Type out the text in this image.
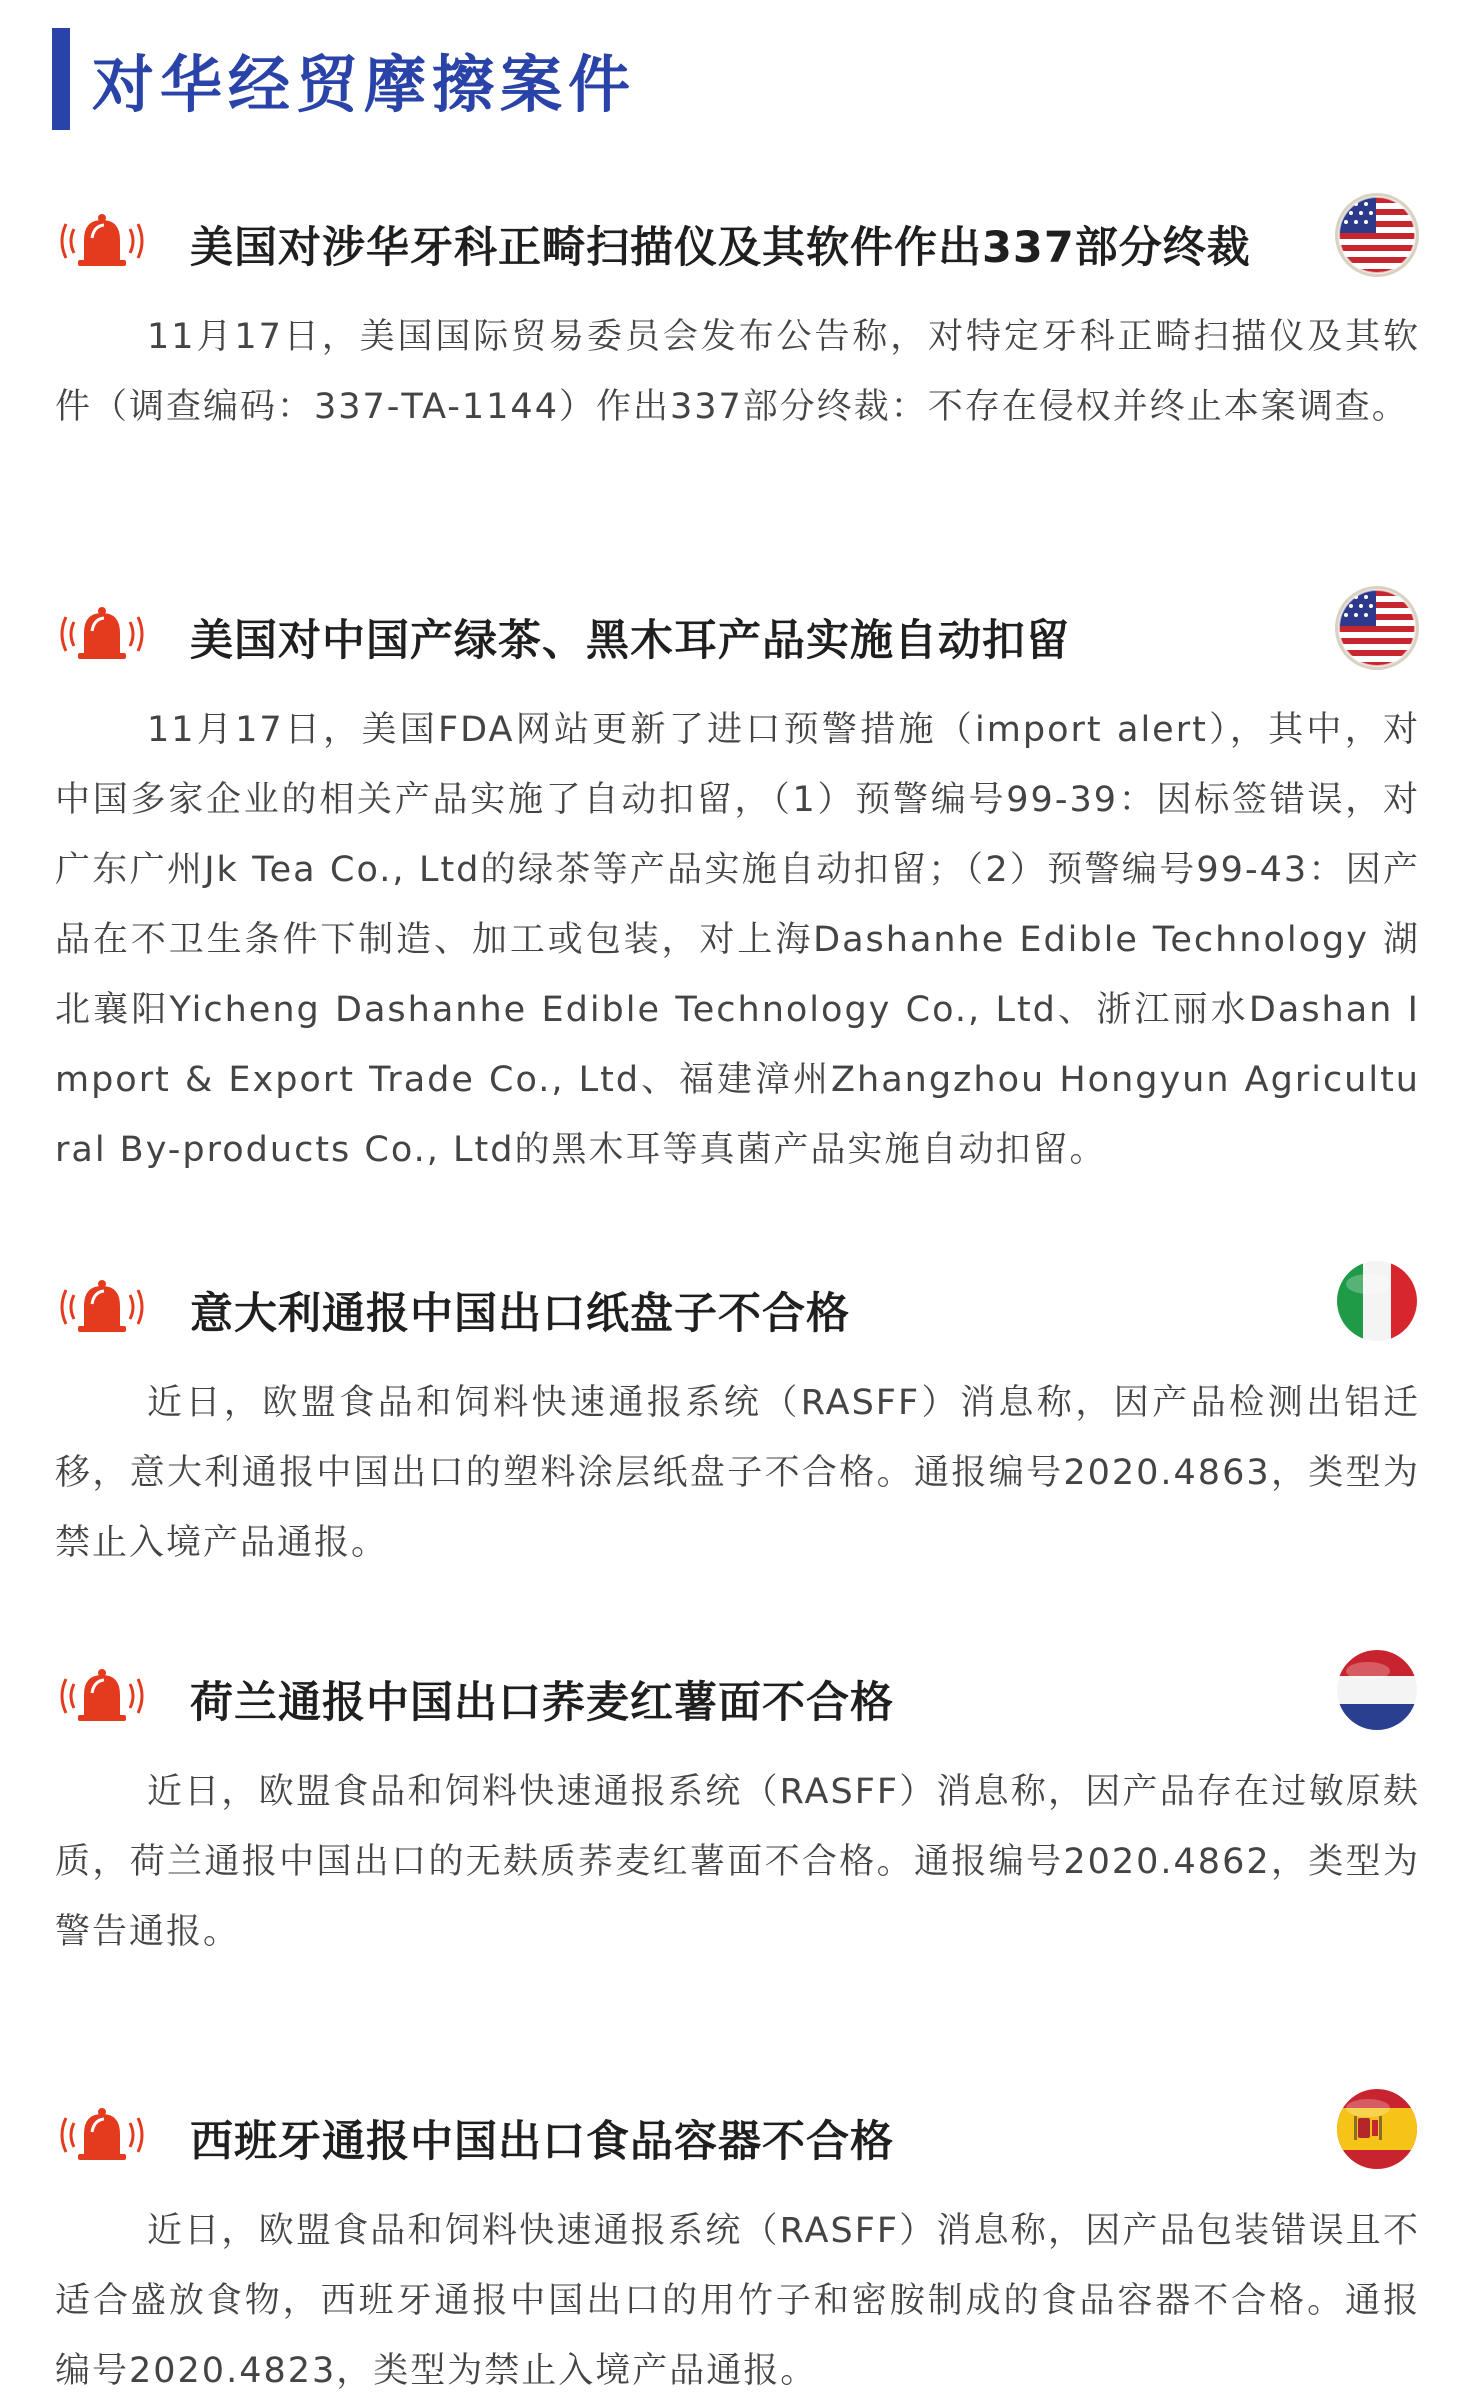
对华经贸摩擦案件
美国对涉华牙科正畸扫描仪及其软件作出337部分终裁
11月17日，美国国际贸易委员会发布公告称，对特定牙科正畸扫描仪及其软件（调查编码：337-TA-1144）作出337部分终裁：不存在侵权并终止本案调查。
美国对中国产绿茶、黑木耳产品实施自动扣留
11月17日，美国FDA网站更新了进口预警措施（import alert），其中，对中国多家企业的相关产品实施了自动扣留，（1）预警编号99-39：因标签错误，对广东广州Jk Tea Co., Ltd的绿茶等产品实施自动扣留；（2）预警编号99-43：因产品在不卫生条件下制造、加工或包装，对上海Dashanhe Edible Technology 湖北襄阳Yicheng Dashanhe Edible Technology Co., Ltd、浙江丽水Dashan Import & Export Trade Co., Ltd、福建漳州Zhangzhou Hongyun Agricultural By-products Co., Ltd的黑木耳等真菌产品实施自动扣留。
意大利通报中国出口纸盘子不合格
近日，欧盟食品和饲料快速通报系统（RASFF）消息称，因产品检测出铝迁移，意大利通报中国出口的塑料涂层纸盘子不合格。通报编号2020.4863，类型为禁止入境产品通报。
荷兰通报中国出口荞麦红薯面不合格
近日，欧盟食品和饲料快速通报系统（RASFF）消息称，因产品存在过敏原麸质，荷兰通报中国出口的无麸质荞麦红薯面不合格。通报编号2020.4862，类型为警告通报。
西班牙通报中国出口食品容器不合格
近日，欧盟食品和饲料快速通报系统（RASFF）消息称，因产品包装错误且不适合盛放食物，西班牙通报中国出口的用竹子和密胺制成的食品容器不合格。通报编号2020.4823，类型为禁止入境产品通报。
